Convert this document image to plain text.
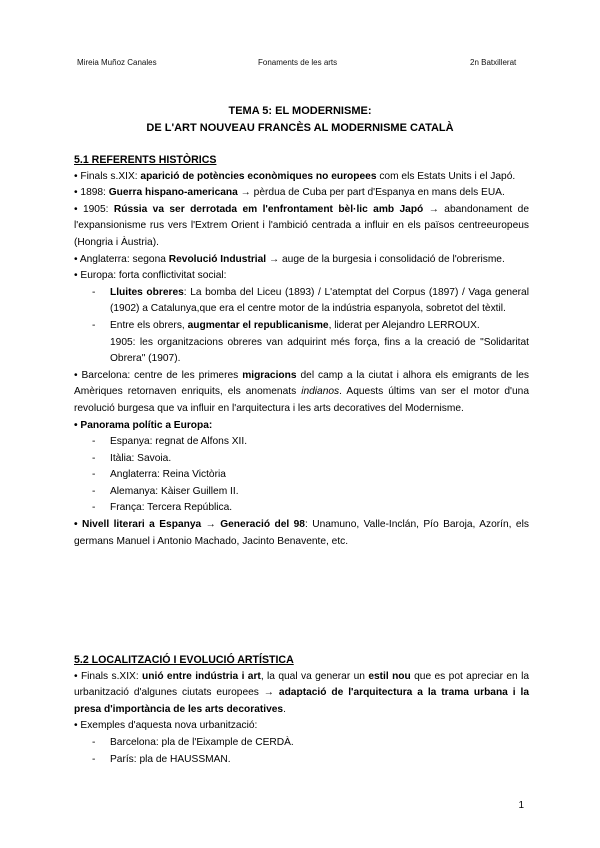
Mireia Muñoz Canales	Fonaments de les arts	2n Batxillerat
TEMA 5: EL MODERNISME:
DE L'ART NOUVEAU FRANCÈS AL MODERNISME CATALÀ
5.1 REFERENTS HISTÒRICS
• Finals s.XIX: aparició de potències econòmiques no europees com els Estats Units i el Japó.
• 1898: Guerra hispano-americana → pèrdua de Cuba per part d'Espanya en mans dels EUA.
• 1905: Rússia va ser derrotada em l'enfrontament bèl·lic amb Japó → abandonament de l'expansionisme rus vers l'Extrem Orient i l'ambició centrada a influir en els països centreeuropeus (Hongria i Àustria).
• Anglaterra: segona Revolució Industrial → auge de la burgesia i consolidació de l'obrerisme.
• Europa: forta conflictivitat social:
- Lluites obreres: La bomba del Liceu (1893) / L'atemptat del Corpus (1897) / Vaga general (1902) a Catalunya,que era el centre motor de la indústria espanyola, sobretot del tèxtil.
- Entre els obrers, augmentar el republicanisme, liderat per Alejandro LERROUX.
1905: les organitzacions obreres van adquirint més força, fins a la creació de "Solidaritat Obrera" (1907).
• Barcelona: centre de les primeres migracions del camp a la ciutat i alhora els emigrants de les Amèriques retornaven enriquits, els anomenats indianos. Aquests últims van ser el motor d'una revolució burgesa que va influir en l'arquitectura i les arts decoratives del Modernisme.
• Panorama polític a Europa:
- Espanya: regnat de Alfons XII.
- Itàlia: Savoia.
- Anglaterra: Reina Victòria
- Alemanya: Kàiser Guillem II.
- França: Tercera República.
• Nivell literari a Espanya → Generació del 98: Unamuno, Valle-Inclán, Pío Baroja, Azorín, els germans Manuel i Antonio Machado, Jacinto Benavente, etc.
5.2 LOCALITZACIÓ I EVOLUCIÓ ARTÍSTICA
• Finals s.XIX: unió entre indústria i art, la qual va generar un estil nou que es pot apreciar en la urbanització d'algunes ciutats europees → adaptació de l'arquitectura a la trama urbana i la presa d'importància de les arts decoratives.
• Exemples d'aquesta nova urbanització:
- Barcelona: pla de l'Eixample de CERDÀ.
- París: pla de HAUSSMAN.
1
